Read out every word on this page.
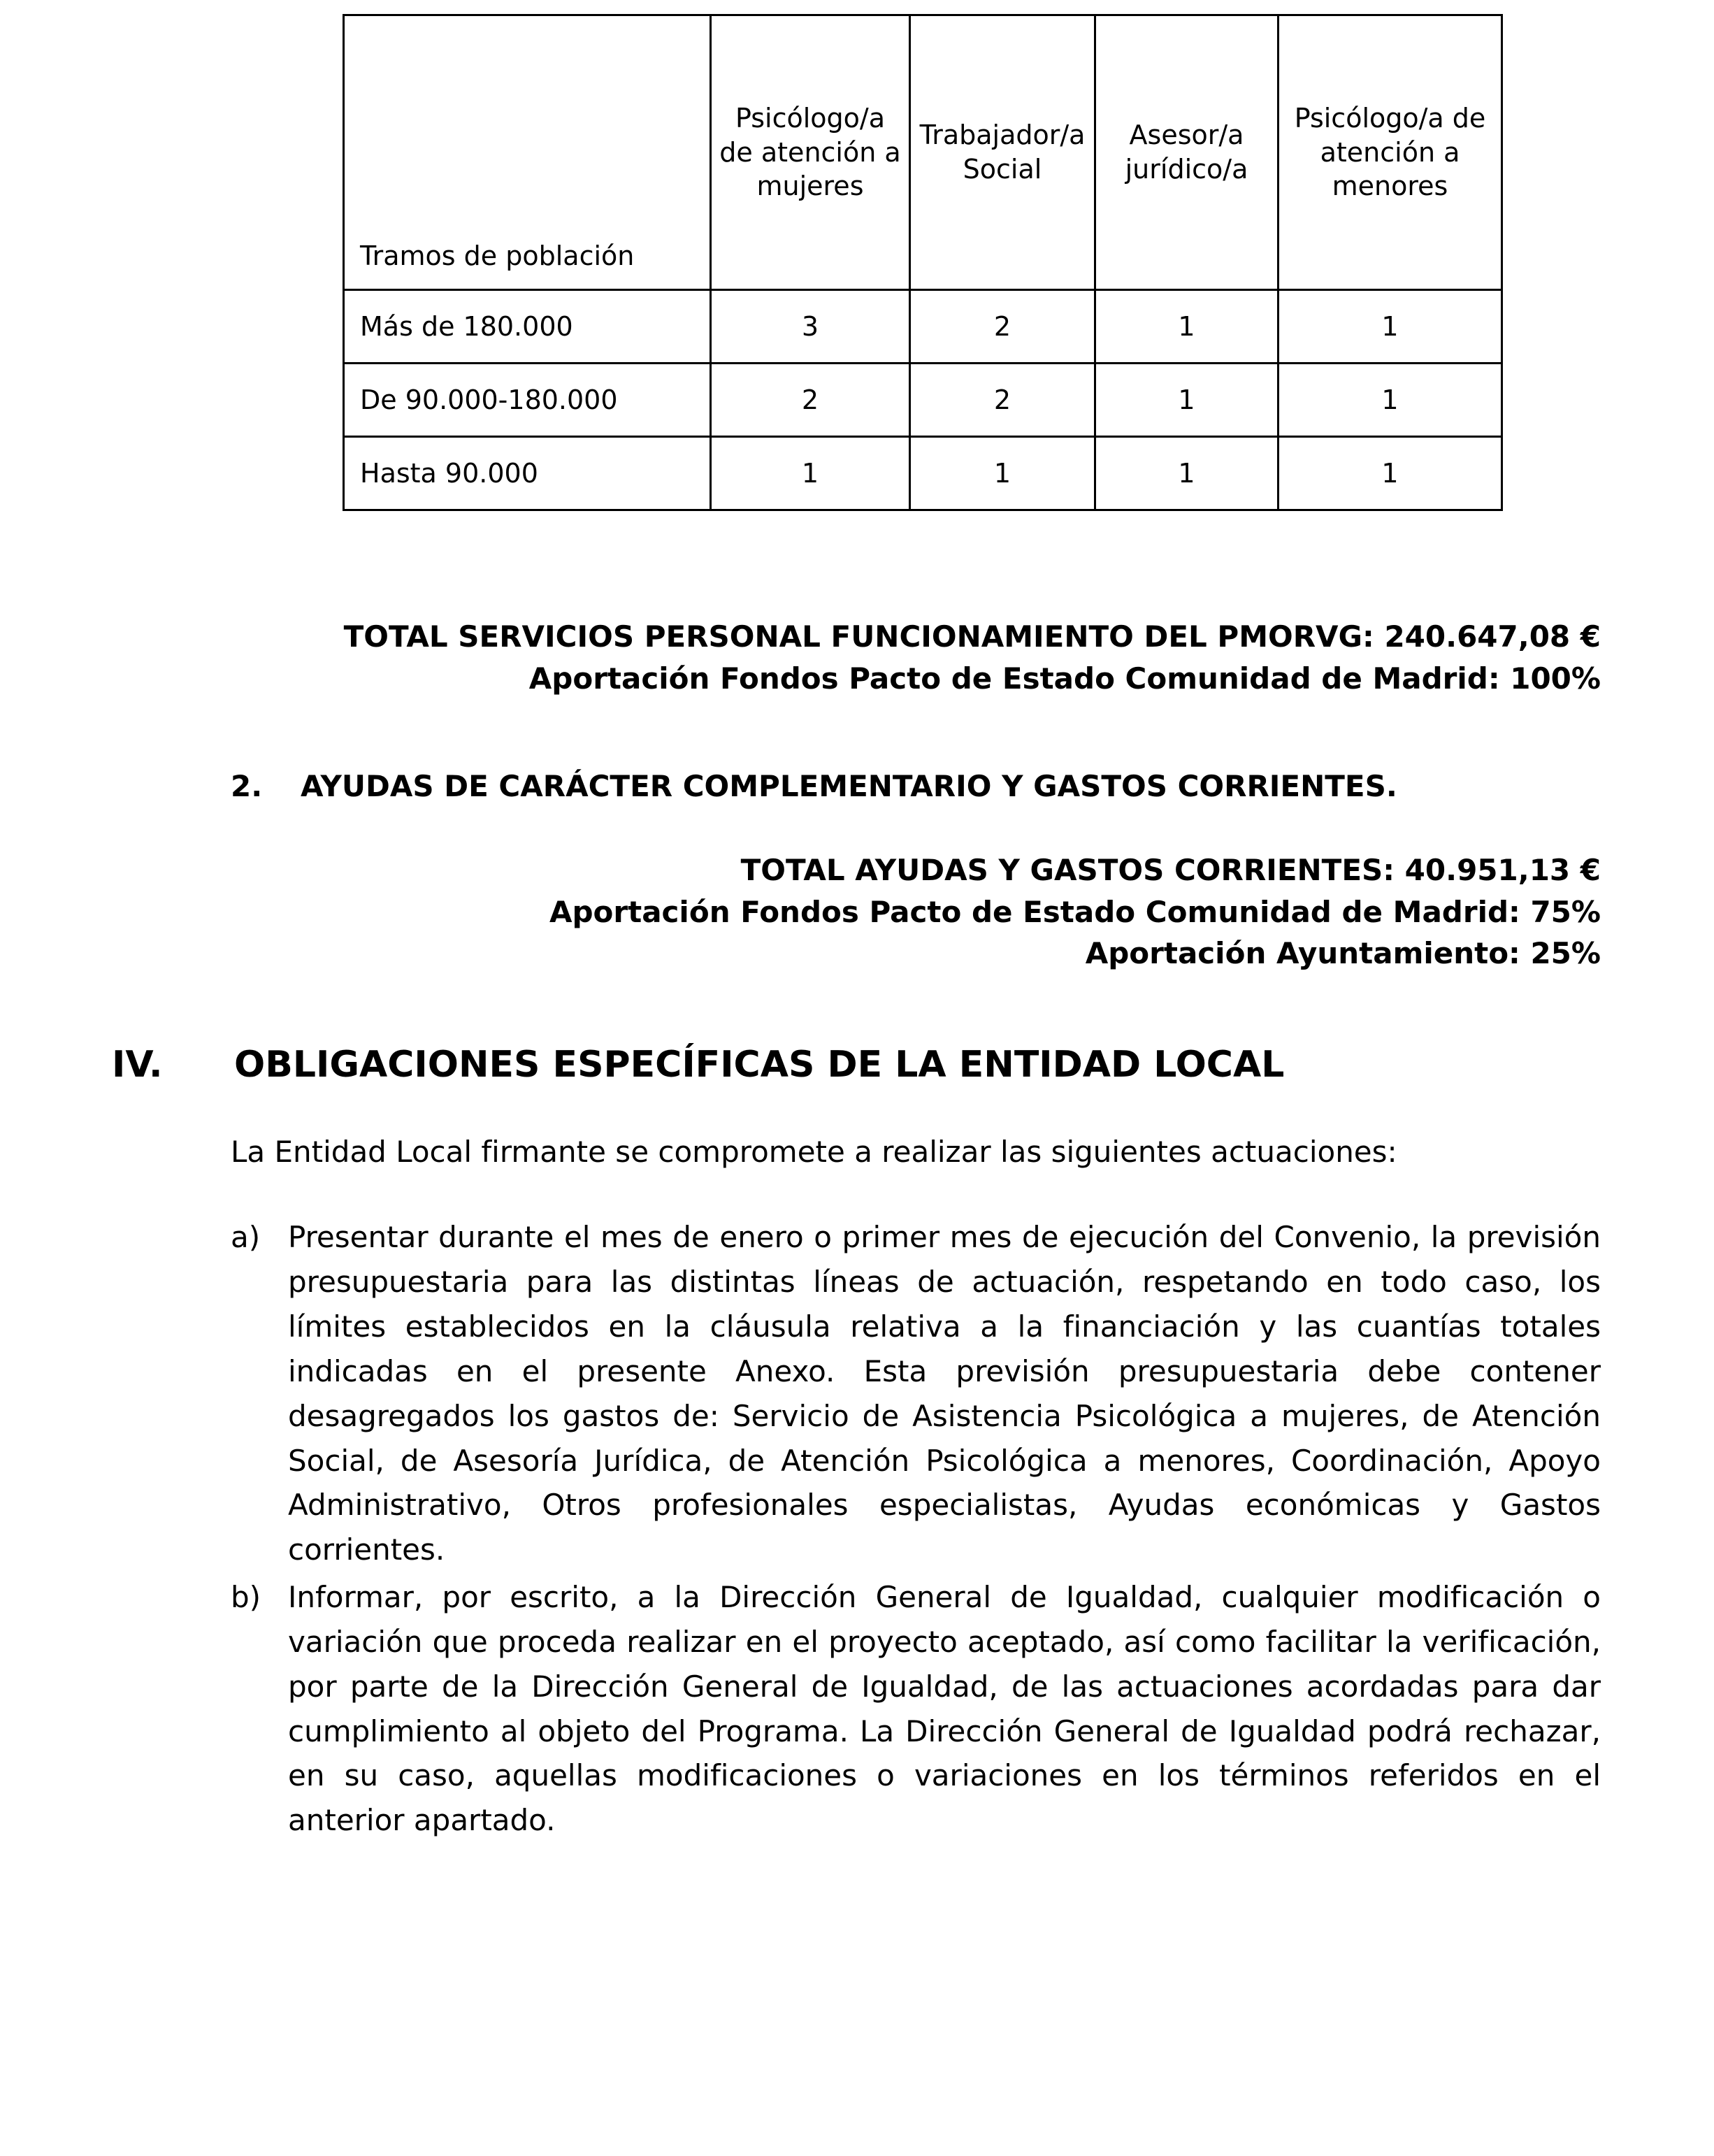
Tramos de población	Psicólogo/a de atención a mujeres	Trabajador/a Social	Asesor/a jurídico/a	Psicólogo/a de atención a menores
Más de 180.000	3	2	1	1
De 90.000-180.000	2	2	1	1
Hasta 90.000	1	1	1	1
TOTAL SERVICIOS PERSONAL FUNCIONAMIENTO DEL PMORVG: 240.647,08 €
Aportación Fondos Pacto de Estado Comunidad de Madrid: 100%
2.	AYUDAS DE CARÁCTER COMPLEMENTARIO Y GASTOS CORRIENTES.
TOTAL AYUDAS Y GASTOS CORRIENTES: 40.951,13 €
Aportación Fondos Pacto de Estado Comunidad de Madrid: 75%
Aportación Ayuntamiento: 25%
IV.	OBLIGACIONES ESPECÍFICAS DE LA ENTIDAD LOCAL
La Entidad Local firmante se compromete a realizar las siguientes actuaciones:
a) Presentar durante el mes de enero o primer mes de ejecución del Convenio, la previsión presupuestaria para las distintas líneas de actuación, respetando en todo caso, los límites establecidos en la cláusula relativa a la financiación y las cuantías totales indicadas en el presente Anexo. Esta previsión presupuestaria debe contener desagregados los gastos de: Servicio de Asistencia Psicológica a mujeres, de Atención Social, de Asesoría Jurídica, de Atención Psicológica a menores, Coordinación, Apoyo Administrativo, Otros profesionales especialistas, Ayudas económicas y Gastos corrientes.
b) Informar, por escrito, a la Dirección General de Igualdad, cualquier modificación o variación que proceda realizar en el proyecto aceptado, así como facilitar la verificación, por parte de la Dirección General de Igualdad, de las actuaciones acordadas para dar cumplimiento al objeto del Programa. La Dirección General de Igualdad podrá rechazar, en su caso, aquellas modificaciones o variaciones en los términos referidos en el anterior apartado.
